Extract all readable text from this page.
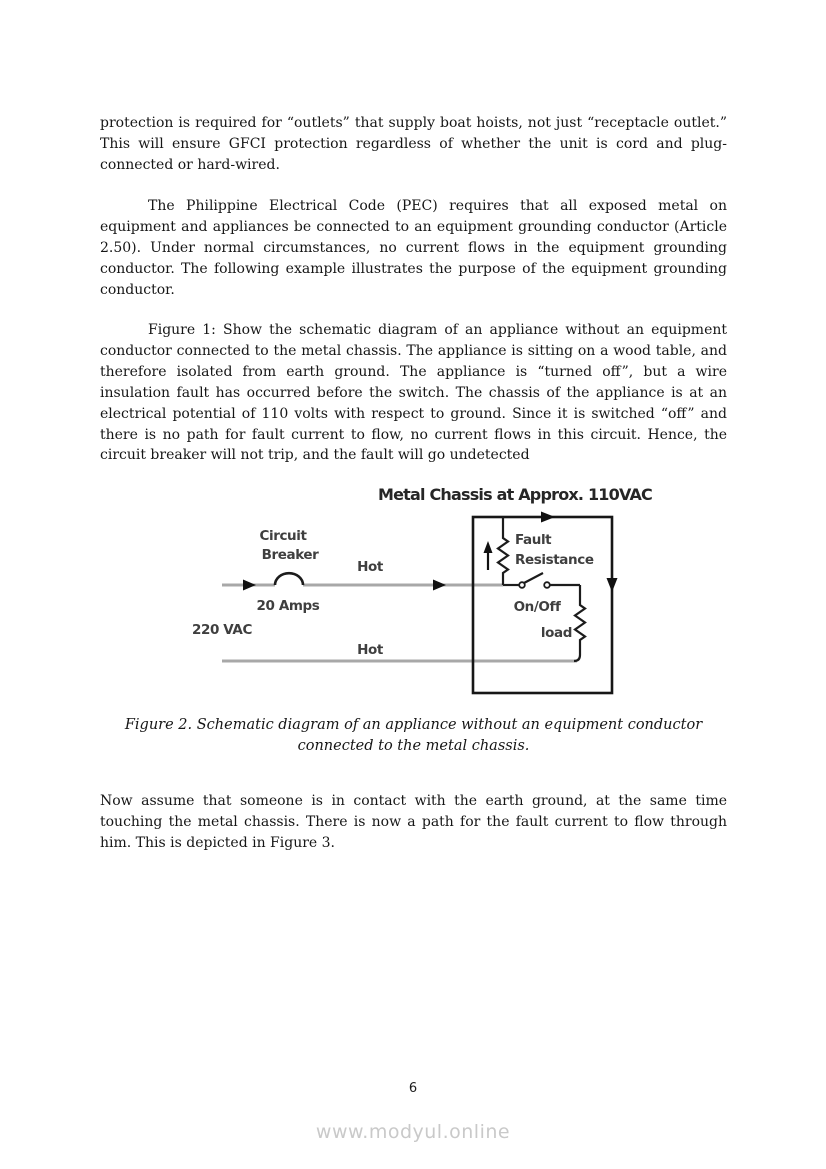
protection is required for “outlets” that supply boat hoists, not just “receptacle outlet.” This will ensure GFCI protection regardless of whether the unit is cord and plug-connected or hard-wired.

The Philippine Electrical Code (PEC) requires that all exposed metal on equipment and appliances be connected to an equipment grounding conductor (Article 2.50). Under normal circumstances, no current flows in the equipment grounding conductor. The following example illustrates the purpose of the equipment grounding conductor.

Figure 1: Show the schematic diagram of an appliance without an equipment conductor connected to the metal chassis. The appliance is sitting on a wood table, and therefore isolated from earth ground. The appliance is “turned off”, but a wire insulation fault has occurred before the switch. The chassis of the appliance is at an electrical potential of 110 volts with respect to ground. Since it is switched “off” and there is no path for fault current to flow, no current flows in this circuit. Hence, the circuit breaker will not trip, and the fault will go undetected

Metal Chassis at Approx. 110VAC
Circuit
Breaker
Hot
20 Amps
220 VAC
Hot
Fault
Resistance
On/Off
load
Figure 2. Schematic diagram of an appliance without an equipment conductor connected to the metal chassis.

Now assume that someone is in contact with the earth ground, at the same time touching the metal chassis. There is now a path for the fault current to flow through him. This is depicted in Figure 3.

6
www.modyul.online
